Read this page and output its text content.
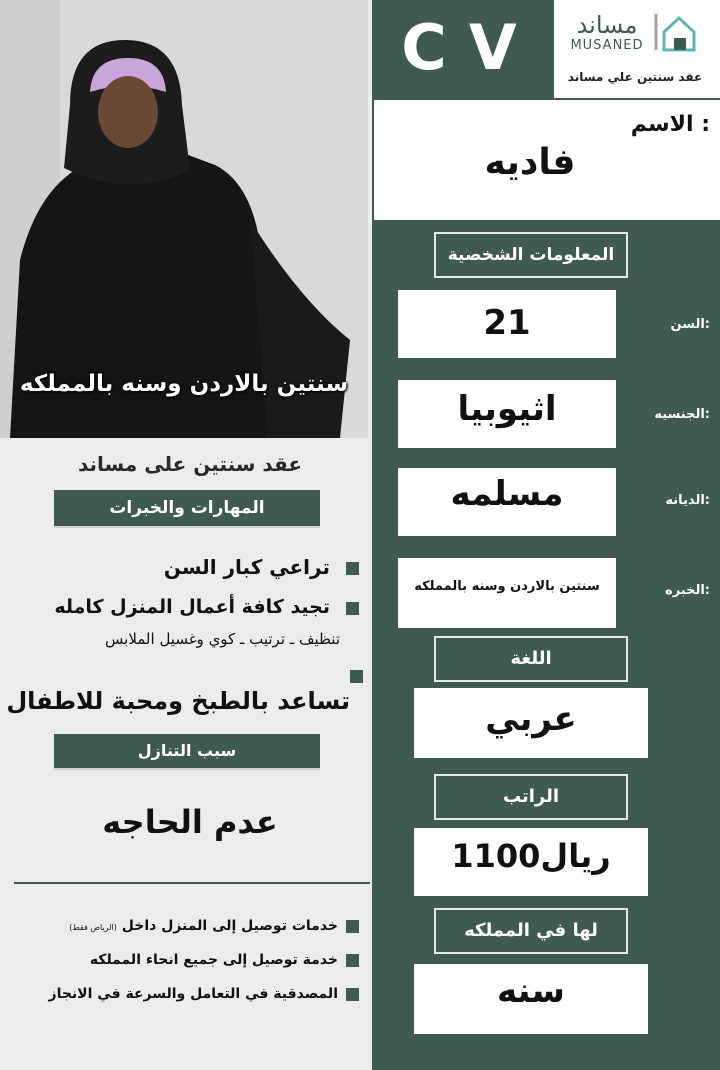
CV	مساند
MUSANED
عقد سنتين علي مساند
الاسم :
فاديه
المعلومات الشخصية
21	السن:
اثيوبيا	الجنسيه:
مسلمه	الديانه:
سنتين بالاردن وسنه بالمملكه	الخبره:
اللغة
عربي
الراتب
1100ريال
لها في المملكه
سنه
سنتين بالاردن وسنه بالمملكه
عقد سنتين على مساند
المهارات والخبرات
تراعي كبار السن
تجيد كافة أعمال المنزل كامله
تنظيف ـ ترتيب ـ كوي وغسيل الملابس
تساعد بالطبخ ومحبة للاطفال
سبب التنازل
عدم الحاجه
خدمات توصيل إلى المنزل داخل (الرياض فقط)
خدمة توصيل إلى جميع انحاء المملكه
المصدقية في التعامل والسرعة في الانجاز
